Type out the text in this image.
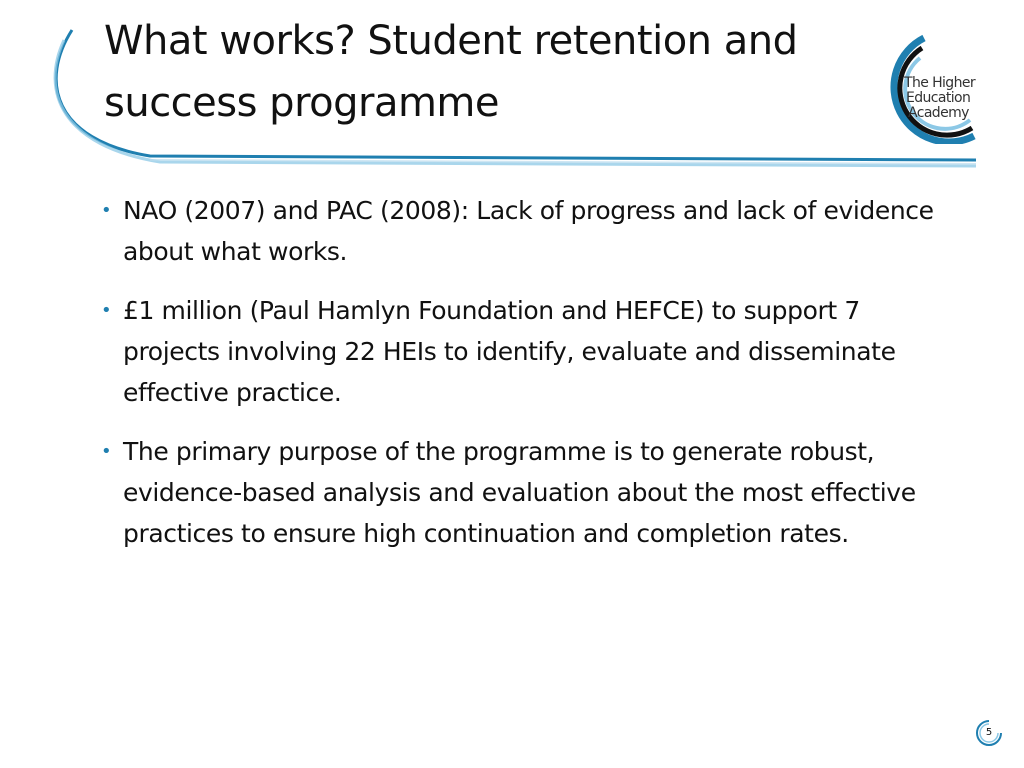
What works? Student retention and success programme	The Higher
Education
Academy
• NAO (2007) and PAC (2008): Lack of progress and lack of evidence about what works.
• £1 million (Paul Hamlyn Foundation and HEFCE) to support 7 projects involving 22 HEIs to identify, evaluate and disseminate effective practice.
• The primary purpose of the programme is to generate robust, evidence-based analysis and evaluation about the most effective practices to ensure high continuation and completion rates.
5
